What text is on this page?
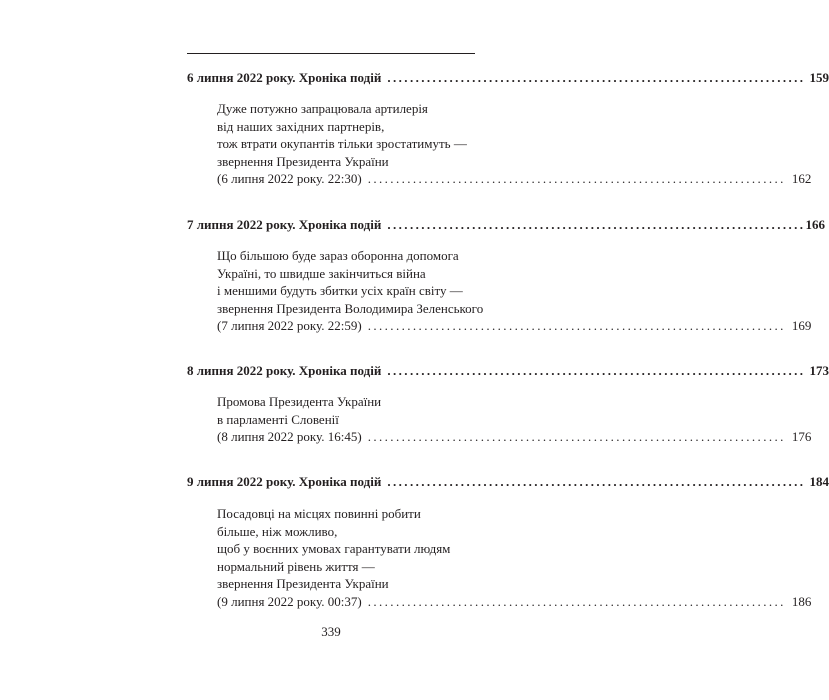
6 липня 2022 року. Хроніка подій .......................................................................... 159
Дуже потужно запрацювала артилерія
від наших західних партнерів,
тож втрати окупантів тільки зростатимуть —
звернення Президента України
(6 липня 2022 року. 22:30) .......................................................................... 162
7 липня 2022 року. Хроніка подій .......................................................................... 166
Що більшою буде зараз оборонна допомога
Україні, то швидше закінчиться війна
і меншими будуть збитки усіх країн світу —
звернення Президента Володимира Зеленського
(7 липня 2022 року. 22:59) .......................................................................... 169
8 липня 2022 року. Хроніка подій .......................................................................... 173
Промова Президента України
в парламенті Словенії
(8 липня 2022 року. 16:45) .......................................................................... 176
9 липня 2022 року. Хроніка подій .......................................................................... 184
Посадовці на місцях повинні робити
більше, ніж можливо,
щоб у воєнних умовах гарантувати людям
нормальний рівень життя —
звернення Президента України
(9 липня 2022 року. 00:37) .......................................................................... 186
339
